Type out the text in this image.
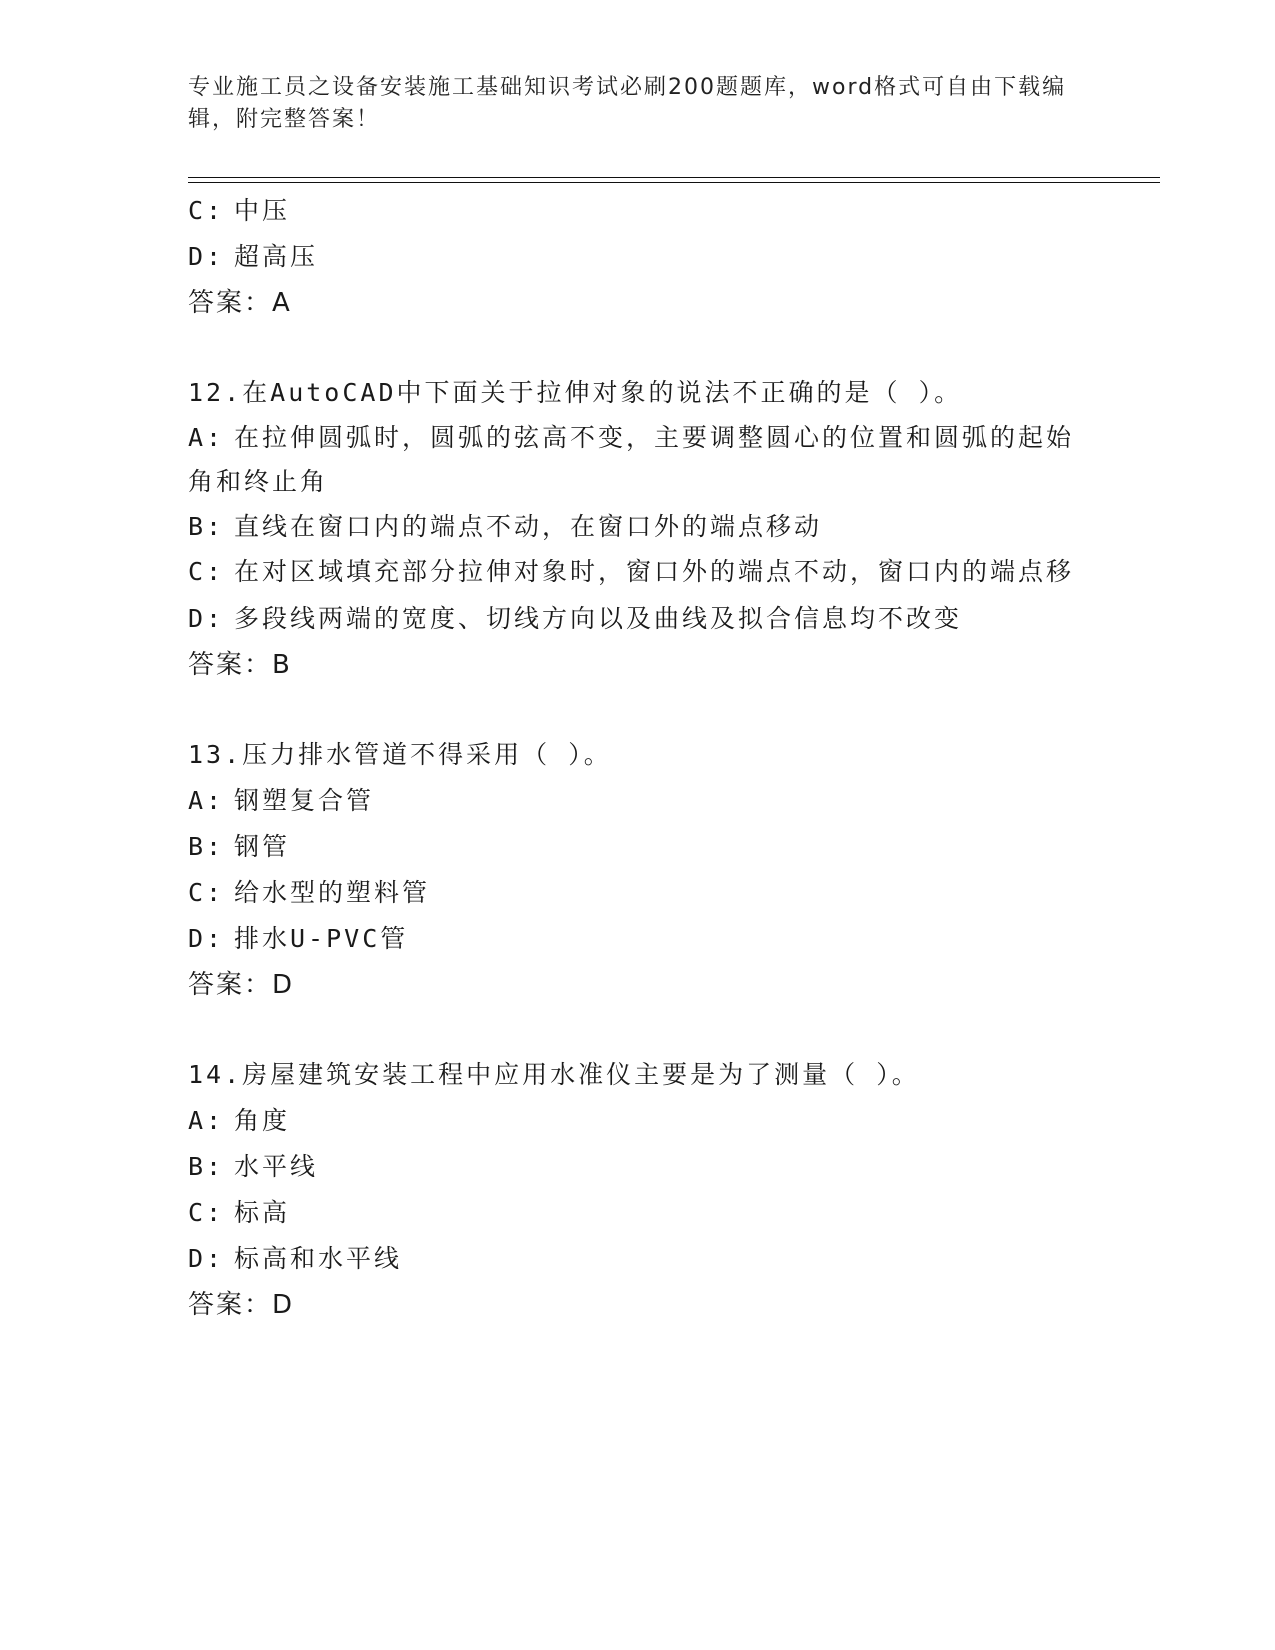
专业施工员之设备安装施工基础知识考试必刷200题题库，word格式可自由下载编辑，附完整答案！
C: 中压
D: 超高压
答案：A
12.在AutoCAD中下面关于拉伸对象的说法不正确的是（ ）。
A: 在拉伸圆弧时，圆弧的弦高不变，主要调整圆心的位置和圆弧的起始角和终止角
B: 直线在窗口内的端点不动，在窗口外的端点移动
C: 在对区域填充部分拉伸对象时，窗口外的端点不动，窗口内的端点移
D: 多段线两端的宽度、切线方向以及曲线及拟合信息均不改变
答案：B
13.压力排水管道不得采用（ ）。
A: 钢塑复合管
B: 钢管
C: 给水型的塑料管
D: 排水U-PVC管
答案：D
14.房屋建筑安装工程中应用水准仪主要是为了测量（ ）。
A: 角度
B: 水平线
C: 标高
D: 标高和水平线
答案：D
